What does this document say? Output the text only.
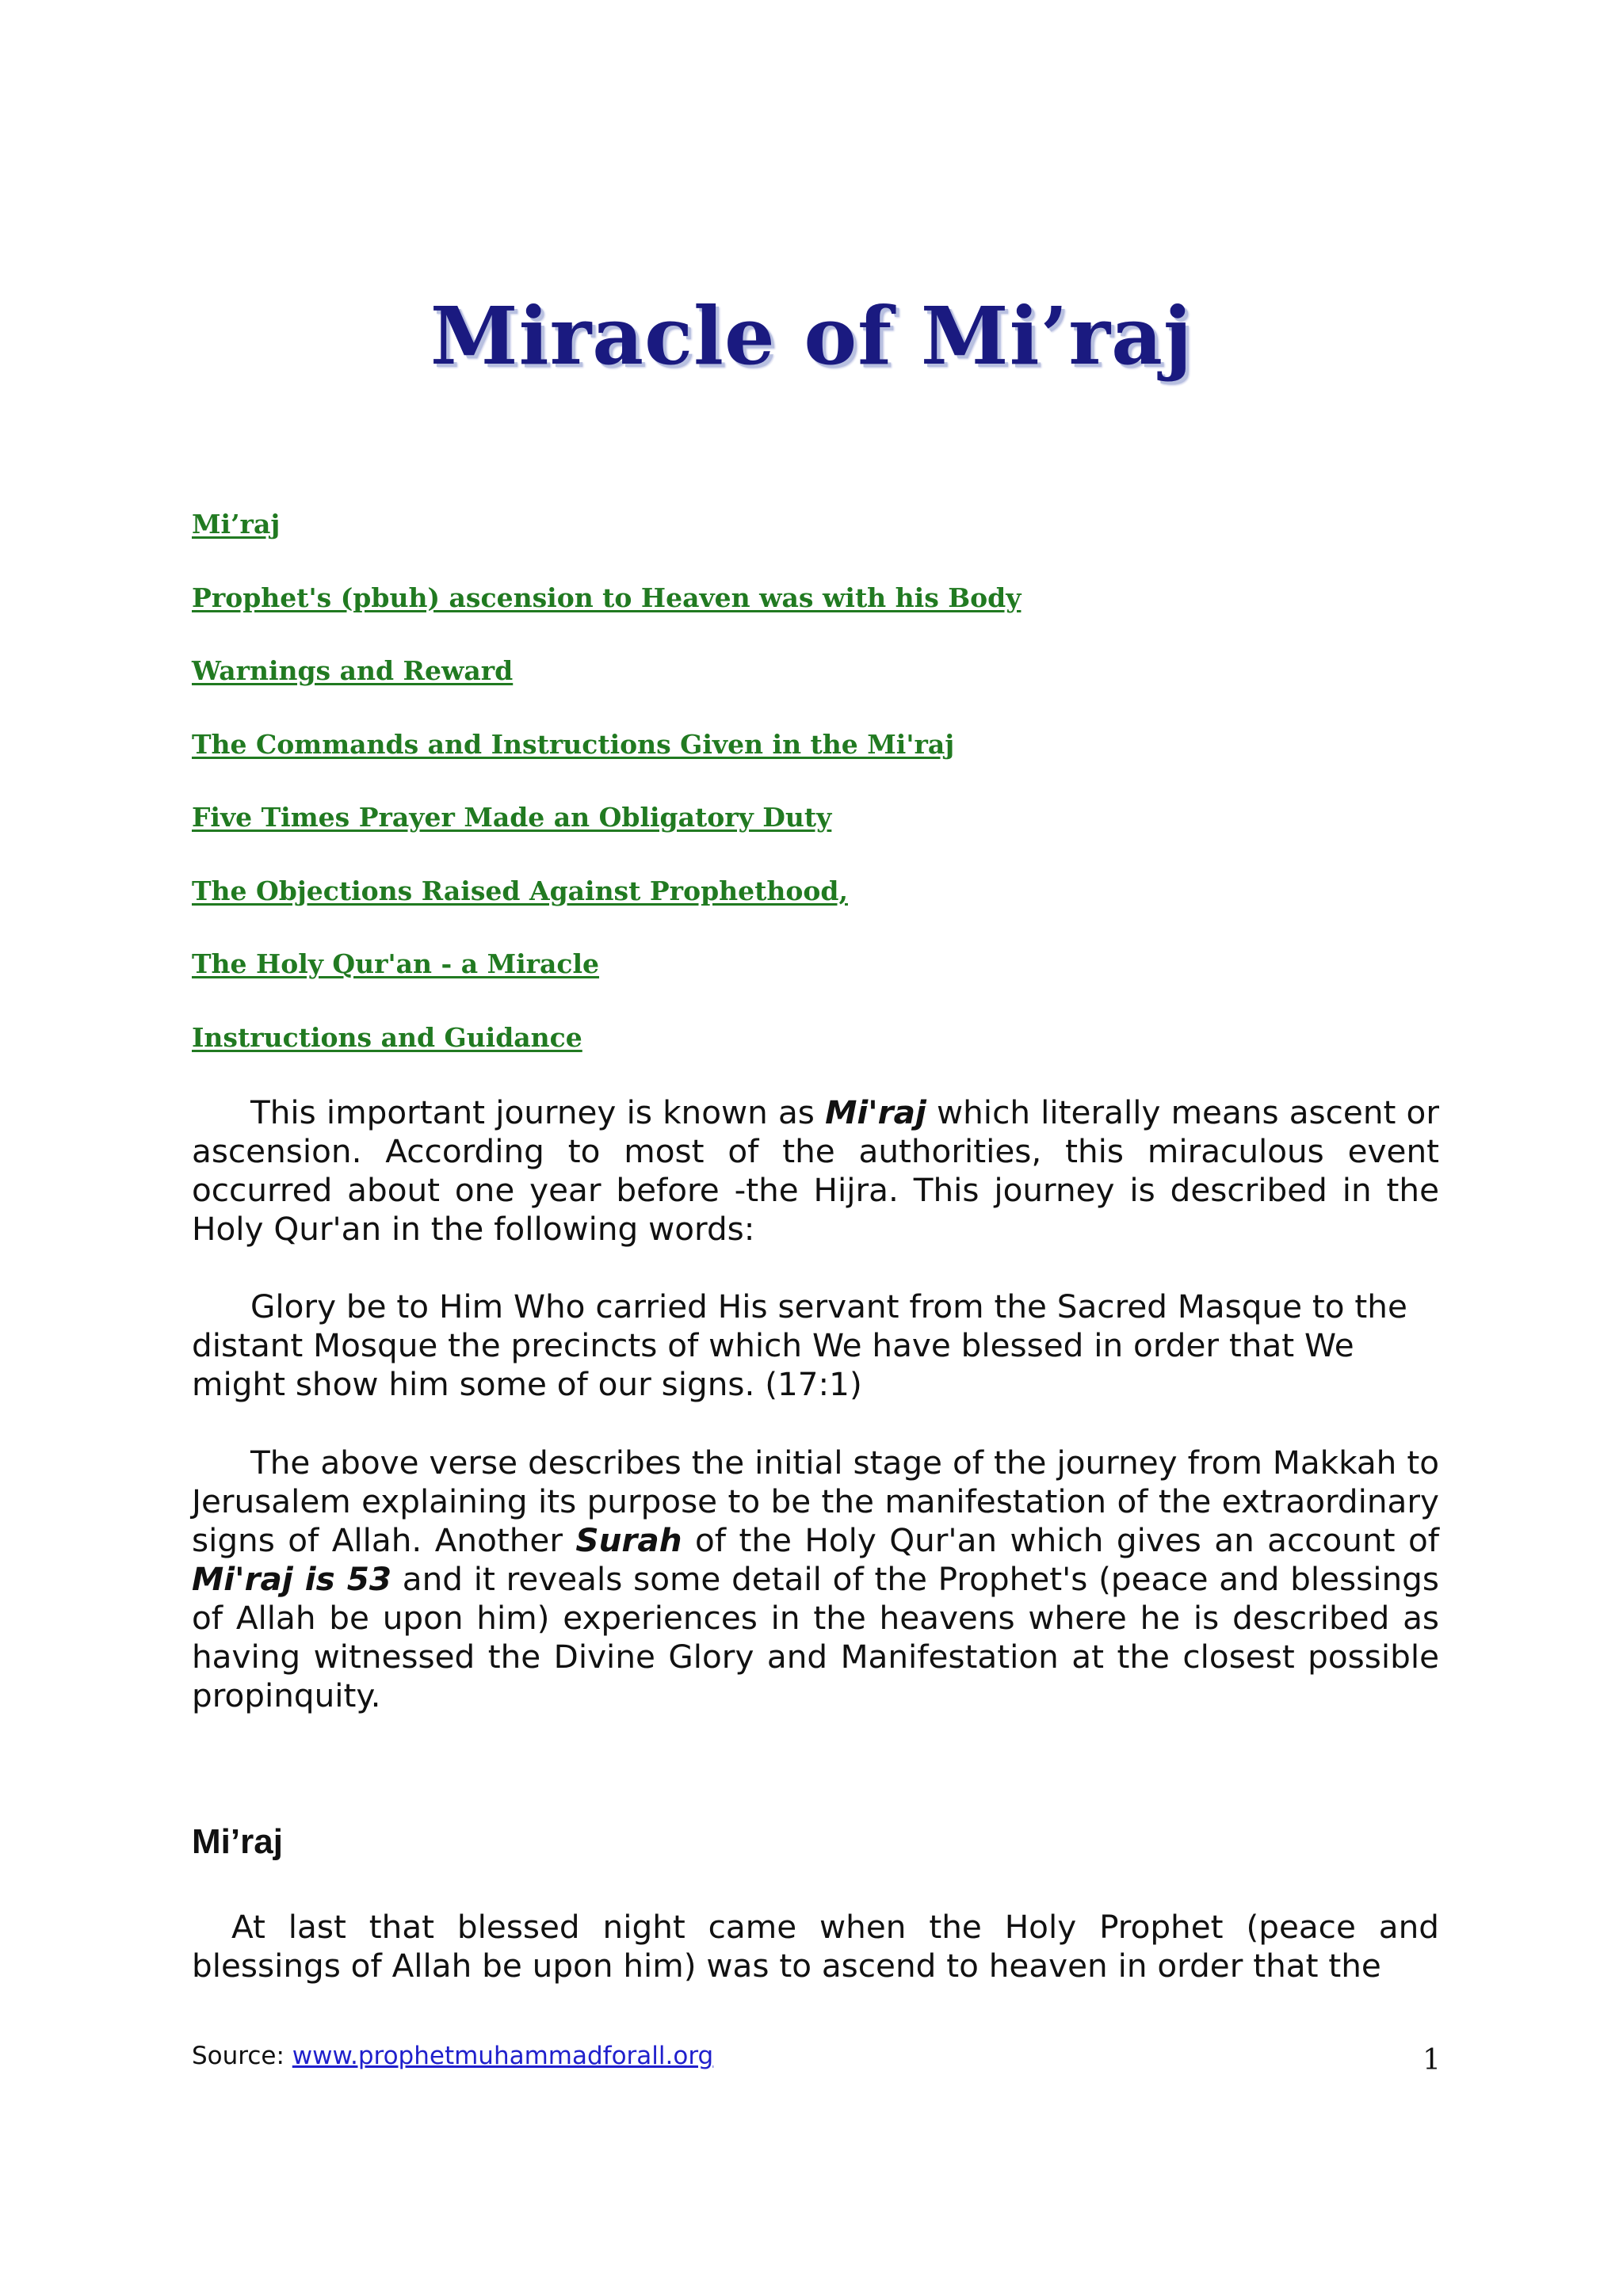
Miracle of Mi’raj
Mi’raj
Prophet's (pbuh) ascension to Heaven was with his Body
Warnings and Reward
The Commands and Instructions Given in the Mi'raj
Five Times Prayer Made an Obligatory Duty
The Objections Raised Against Prophethood,
The Holy Qur'an - a Miracle
Instructions and Guidance

This important journey is known as Mi'raj which literally means ascent or ascension. According to most of the authorities, this miraculous event occurred about one year before -the Hijra. This journey is described in the Holy Qur'an in the following words:

Glory be to Him Who carried His servant from the Sacred Masque to the distant Mosque the precincts of which We have blessed in order that We might show him some of our signs. (17:1)

The above verse describes the initial stage of the journey from Makkah to Jerusalem explaining its purpose to be the manifestation of the extraordinary signs of Allah. Another Surah of the Holy Qur'an which gives an account of Mi'raj is 53 and it reveals some detail of the Prophet's (peace and blessings of Allah be upon him) experiences in the heavens where he is described as having witnessed the Divine Glory and Manifestation at the closest possible propinquity.

Mi’raj

At last that blessed night came when the Holy Prophet (peace and blessings of Allah be upon him) was to ascend to heaven in order that the

Source: www.prophetmuhammadforall.org	1
